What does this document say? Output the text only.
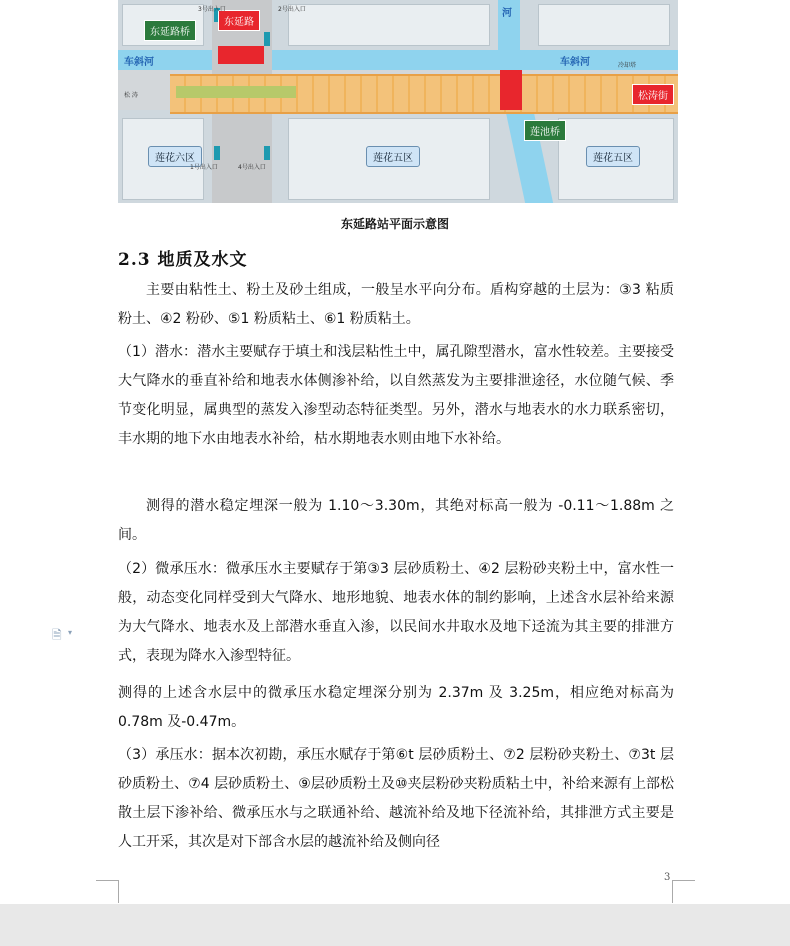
东延路桥
东延路
松涛街
莲池桥
车斜河	车斜河
河
莲花六区	莲花五区	莲花五区
3号出入口	2号出入口
1号出入口	4号出入口
松 涛
冷却塔
东延路站平面示意图
2.3 地质及水文
主要由粘性土、粉土及砂土组成，一般呈水平向分布。盾构穿越的土层为：③3 粘质粉土、④2 粉砂、⑤1 粉质粘土、⑥1 粉质粘土。
（1）潜水：潜水主要赋存于填土和浅层粘性土中，属孔隙型潜水，富水性较差。主要接受大气降水的垂直补给和地表水体侧渗补给，以自然蒸发为主要排泄途径，水位随气候、季节变化明显，属典型的蒸发入渗型动态特征类型。另外，潜水与地表水的水力联系密切，丰水期的地下水由地表水补给，枯水期地表水则由地下水补给。
测得的潜水稳定埋深一般为 1.10～3.30m，其绝对标高一般为 -0.11～1.88m 之间。
（2）微承压水：微承压水主要赋存于第③3 层砂质粉土、④2 层粉砂夹粉土中，富水性一般，动态变化同样受到大气降水、地形地貌、地表水体的制约影响，上述含水层补给来源为大气降水、地表水及上部潜水垂直入渗，以民间水井取水及地下迳流为其主要的排泄方式，表现为降水入渗型特征。
测得的上述含水层中的微承压水稳定埋深分别为 2.37m 及 3.25m，相应绝对标高为 0.78m 及-0.47m。
（3）承压水：据本次初勘，承压水赋存于第⑥t 层砂质粉土、⑦2 层粉砂夹粉土、⑦3t 层砂质粉土、⑦4 层砂质粉土、⑨层砂质粉土及⑩夹层粉砂夹粉质粘土中，补给来源有上部松散土层下渗补给、微承压水与之联通补给、越流补给及地下径流补给，其排泄方式主要是人工开采，其次是对下部含水层的越流补给及侧向径
🗎 ▾
3
